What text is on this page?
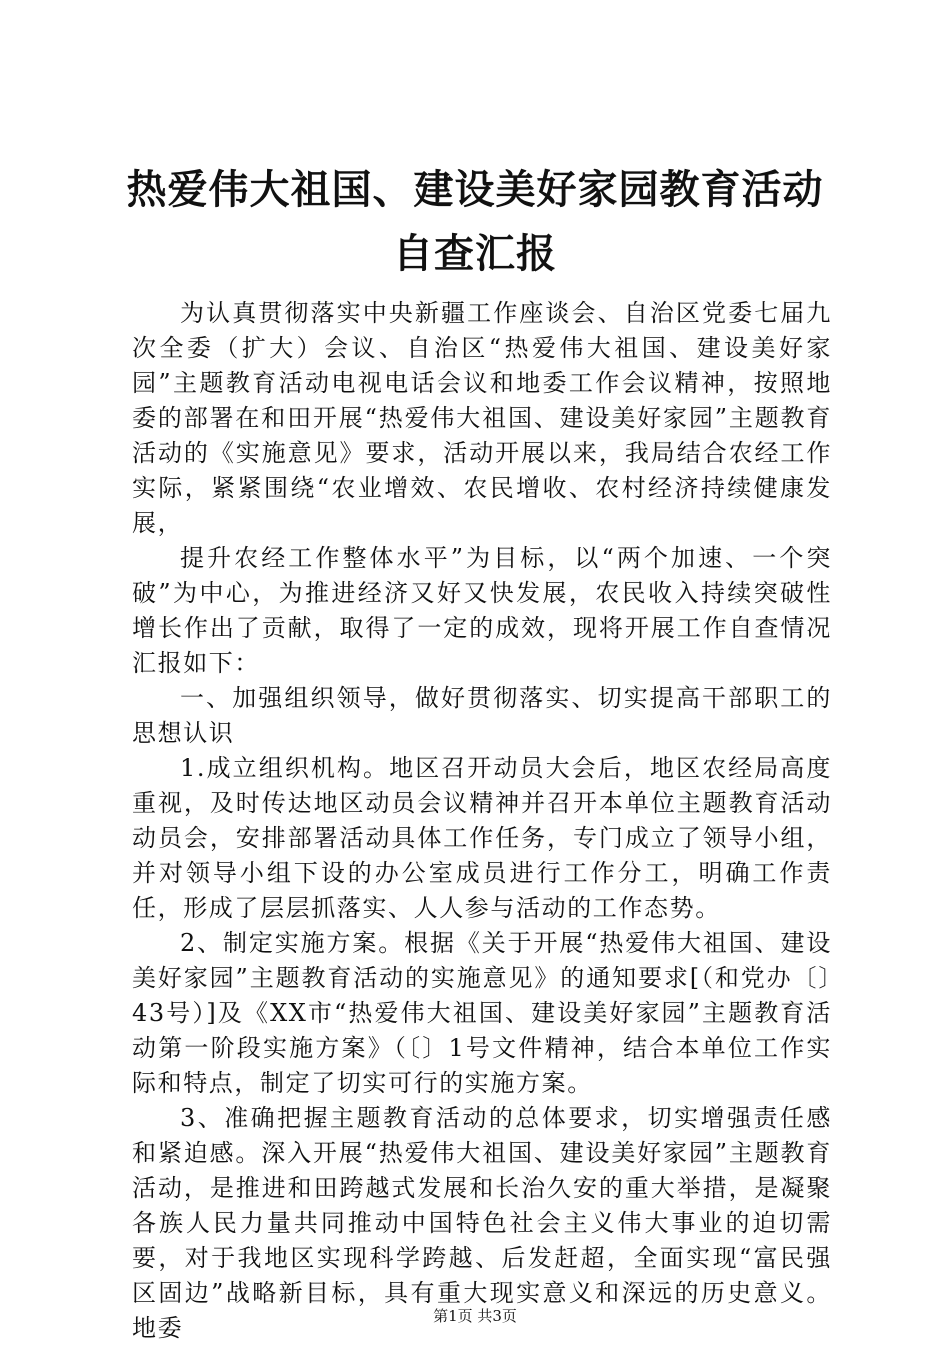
热爱伟大祖国、建设美好家园教育活动自查汇报

为认真贯彻落实中央新疆工作座谈会、自治区党委七届九次全委（扩大）会议、自治区“热爱伟大祖国、建设美好家园”主题教育活动电视电话会议和地委工作会议精神，按照地委的部署在和田开展“热爱伟大祖国、建设美好家园”主题教育活动的《实施意见》要求，活动开展以来，我局结合农经工作实际，紧紧围绕“农业增效、农民增收、农村经济持续健康发展，

提升农经工作整体水平”为目标，以“两个加速、一个突破”为中心，为推进经济又好又快发展，农民收入持续突破性增长作出了贡献，取得了一定的成效，现将开展工作自查情况汇报如下：

一、加强组织领导，做好贯彻落实、切实提高干部职工的思想认识

1.成立组织机构。地区召开动员大会后，地区农经局高度重视，及时传达地区动员会议精神并召开本单位主题教育活动动员会，安排部署活动具体工作任务，专门成立了领导小组，并对领导小组下设的办公室成员进行工作分工，明确工作责任，形成了层层抓落实、人人参与活动的工作态势。

2、制定实施方案。根据《关于开展“热爱伟大祖国、建设美好家园”主题教育活动的实施意见》的通知要求[（和党办〔〕43号）]及《XX市“热爱伟大祖国、建设美好家园”主题教育活动第一阶段实施方案》（〔〕1号文件精神，结合本单位工作实际和特点，制定了切实可行的实施方案。

3、准确把握主题教育活动的总体要求，切实增强责任感和紧迫感。深入开展“热爱伟大祖国、建设美好家园”主题教育活动，是推进和田跨越式发展和长治久安的重大举措，是凝聚各族人民力量共同推动中国特色社会主义伟大事业的迫切需要，对于我地区实现科学跨越、后发赶超，全面实现“富民强区固边”战略新目标，具有重大现实意义和深远的历史意义。地委	第1页 共3页
